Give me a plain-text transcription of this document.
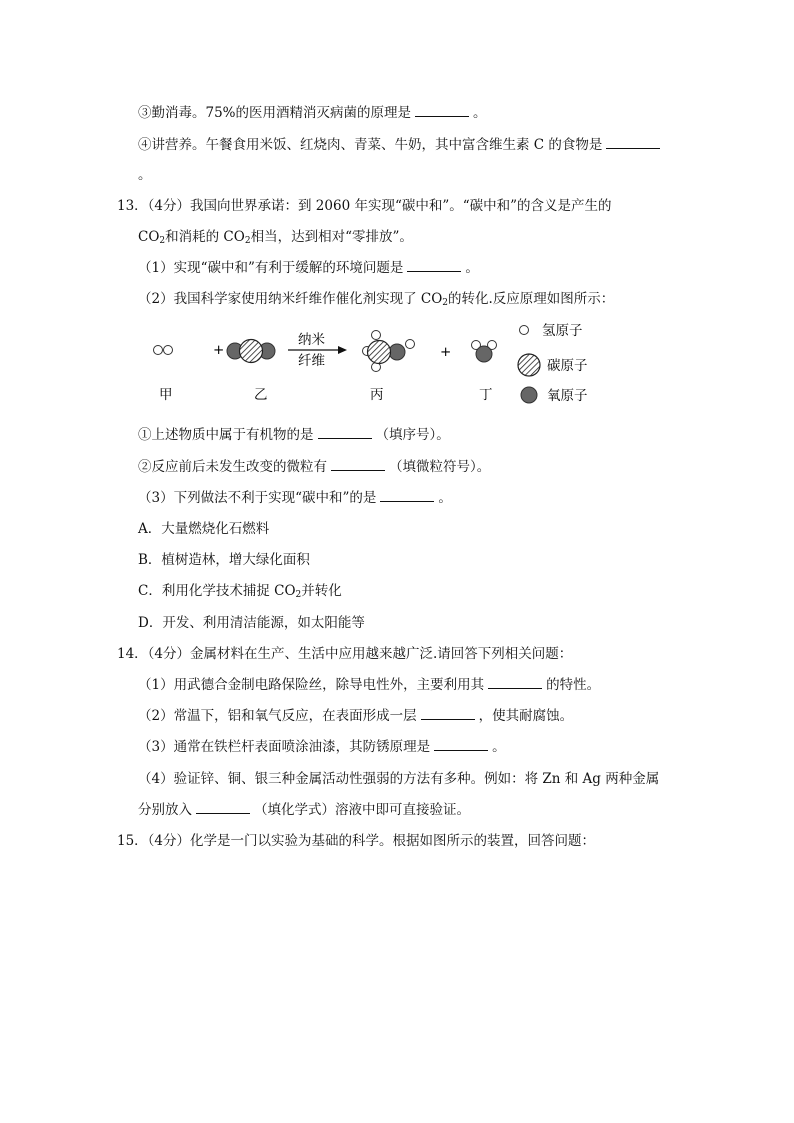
③勤消毒。75%的医用酒精消灭病菌的原理是	。
④讲营养。午餐食用米饭、红烧肉、青菜、牛奶，其中富含维生素 C 的食物是
。
13．（4分）我国向世界承诺：到 2060 年实现“碳中和”。“碳中和”的含义是产生的
$CO_2$和消耗的 $CO_2$相当，达到相对“零排放”。
（1）实现“碳中和”有利于缓解的环境问题是	。
（2）我国科学家使用纳米纤维作催化剂实现了 $CO_2$的转化.反应原理如图所示：
+
纳米
纤维
+
氢原子
碳原子
氧原子
甲	乙	丙	丁
①上述物质中属于有机物的是	（填序号）。
②反应前后未发生改变的微粒有	（填微粒符号）。
（3）下列做法不利于实现“碳中和”的是	。
A．大量燃烧化石燃料
B．植树造林，增大绿化面积
C．利用化学技术捕捉 $CO_2$并转化
D．开发、利用清洁能源，如太阳能等
14．（4分）金属材料在生产、生活中应用越来越广泛.请回答下列相关问题：
（1）用武德合金制电路保险丝，除导电性外，主要利用其	的特性。
（2）常温下，铝和氧气反应，在表面形成一层	，使其耐腐蚀。
（3）通常在铁栏杆表面喷涂油漆，其防锈原理是	。
（4）验证锌、铜、银三种金属活动性强弱的方法有多种。例如：将 Zn 和 Ag 两种金属
分别放入	（填化学式）溶液中即可直接验证。
15．（4分）化学是一门以实验为基础的科学。根据如图所示的装置，回答问题：
